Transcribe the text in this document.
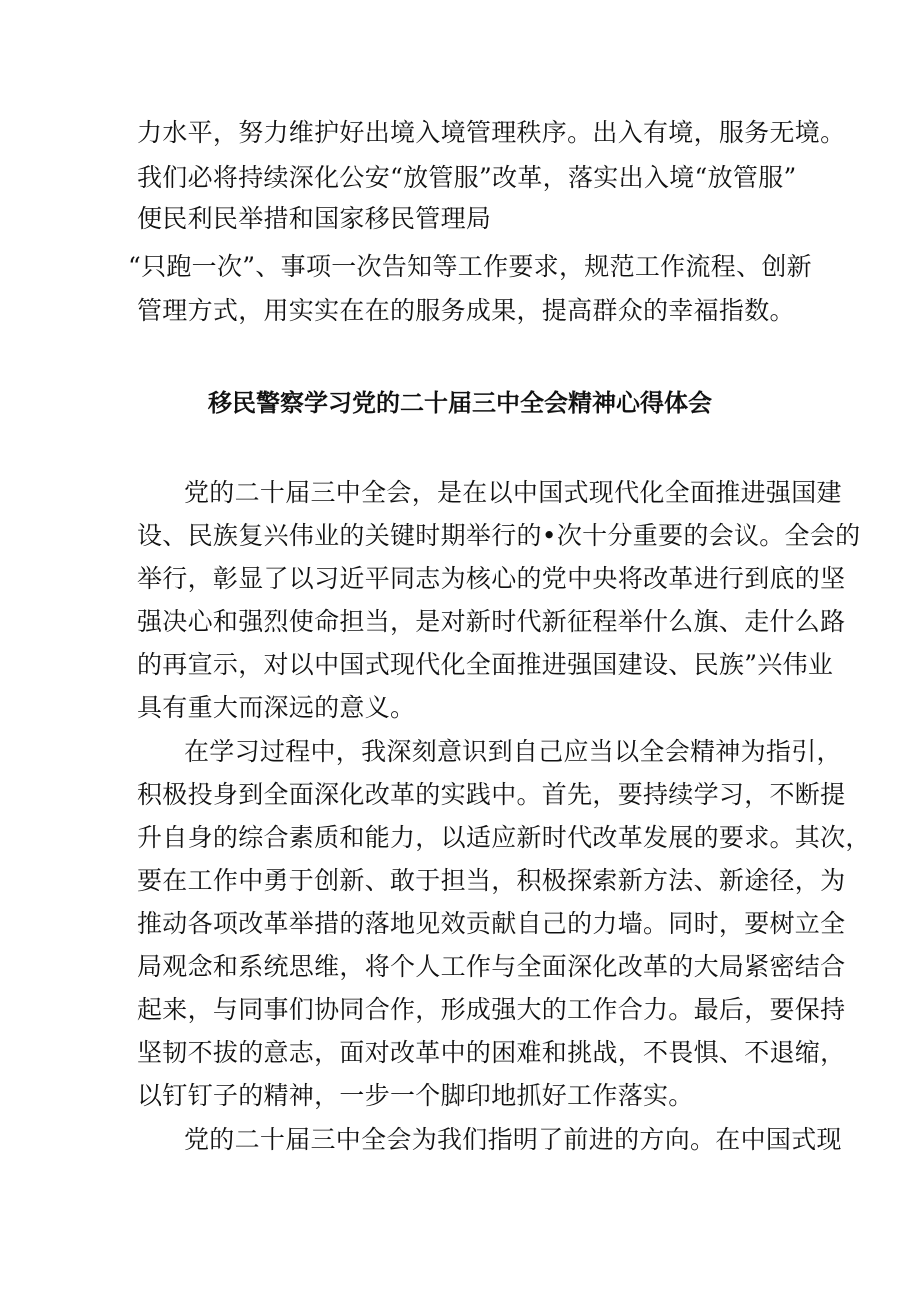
力水平，努力维护好出境入境管理秩序。出入有境，服务无境。
我们必将持续深化公安“放管服”改革，落实出入境“放管服”
便民利民举措和国家移民管理局
“只跑一次”、事项一次告知等工作要求，规范工作流程、创新
管理方式，用实实在在的服务成果，提高群众的幸福指数。
移民警察学习党的二十届三中全会精神心得体会
党的二十届三中全会，是在以中国式现代化全面推进强国建
设、民族复兴伟业的关键时期举行的•次十分重要的会议。全会的
举行，彰显了以习近平同志为核心的党中央将改革进行到底的坚
强决心和强烈使命担当，是对新时代新征程举什么旗、走什么路
的再宣示，对以中国式现代化全面推进强国建设、民族”兴伟业
具有重大而深远的意义。
在学习过程中，我深刻意识到自己应当以全会精神为指引，
积极投身到全面深化改革的实践中。首先，要持续学习，不断提
升自身的综合素质和能力，以适应新时代改革发展的要求。其次，
要在工作中勇于创新、敢于担当，积极探索新方法、新途径，为
推动各项改革举措的落地见效贡献自己的力墙。同时，要树立全
局观念和系统思维，将个人工作与全面深化改革的大局紧密结合
起来，与同事们协同合作，形成强大的工作合力。最后，要保持
坚韧不拔的意志，面对改革中的困难和挑战，不畏惧、不退缩，
以钉钉子的精神，一步一个脚印地抓好工作落实。
党的二十届三中全会为我们指明了前进的方向。在中国式现
